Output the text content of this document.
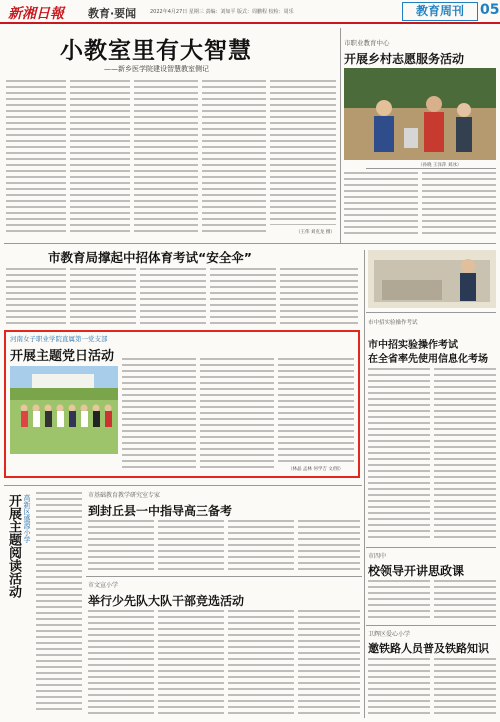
新湘日報 教育·要闻	2022年4月27日 星期三 责编：刘如平 版式：周鹏程 校检：周乐	教育周刊	05
小教室里有大智慧
——新乡医学院建设智慧教室侧记
（王伟 刘克龙 摄）
市职业教育中心
开展乡村志愿服务活动
（孙晓 王泽萍 刘冰）
市教育局撑起中招体育考试“安全伞”
市中招实验操作考试
市中招实验操作考试
在全省率先使用信息化考场
河南女子职业学院直属第一党支部
开展主题党日活动
（林晶 孟林 何学吉 文/图）
开展主题阅读活动 高新区盛源小学	市基础教育教学研究室专家
到封丘县一中指导高三备考
市四中
校领导开讲思政课
市文宣小学
举行少先队大队干部竞选活动
卫辉区爱心小学
邀铁路人员普及铁路知识
